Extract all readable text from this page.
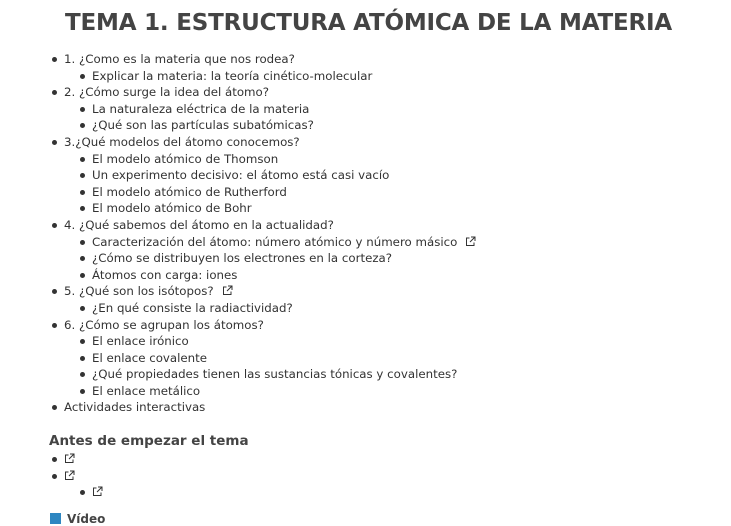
TEMA 1. ESTRUCTURA ATÓMICA DE LA MATERIA
1. ¿Como es la materia que nos rodea?
Explicar la materia: la teoría cinético-molecular
2. ¿Cómo surge la idea del átomo?
La naturaleza eléctrica de la materia
¿Qué son las partículas subatómicas?
3.¿Qué modelos del átomo conocemos?
El modelo atómico de Thomson
Un experimento decisivo: el átomo está casi vacío
El modelo atómico de Rutherford
El modelo atómico de Bohr
4. ¿Qué sabemos del átomo en la actualidad?
Caracterización del átomo: número atómico y número másico
¿Cómo se distribuyen los electrones en la corteza?
Átomos con carga: iones
5. ¿Qué son los isótopos?
¿En qué consiste la radiactividad?
6. ¿Cómo se agrupan los átomos?
El enlace irónico
El enlace covalente
¿Qué propiedades tienen las sustancias tónicas y covalentes?
El enlace metálico
Actividades interactivas
Antes de empezar el tema
Vídeo
